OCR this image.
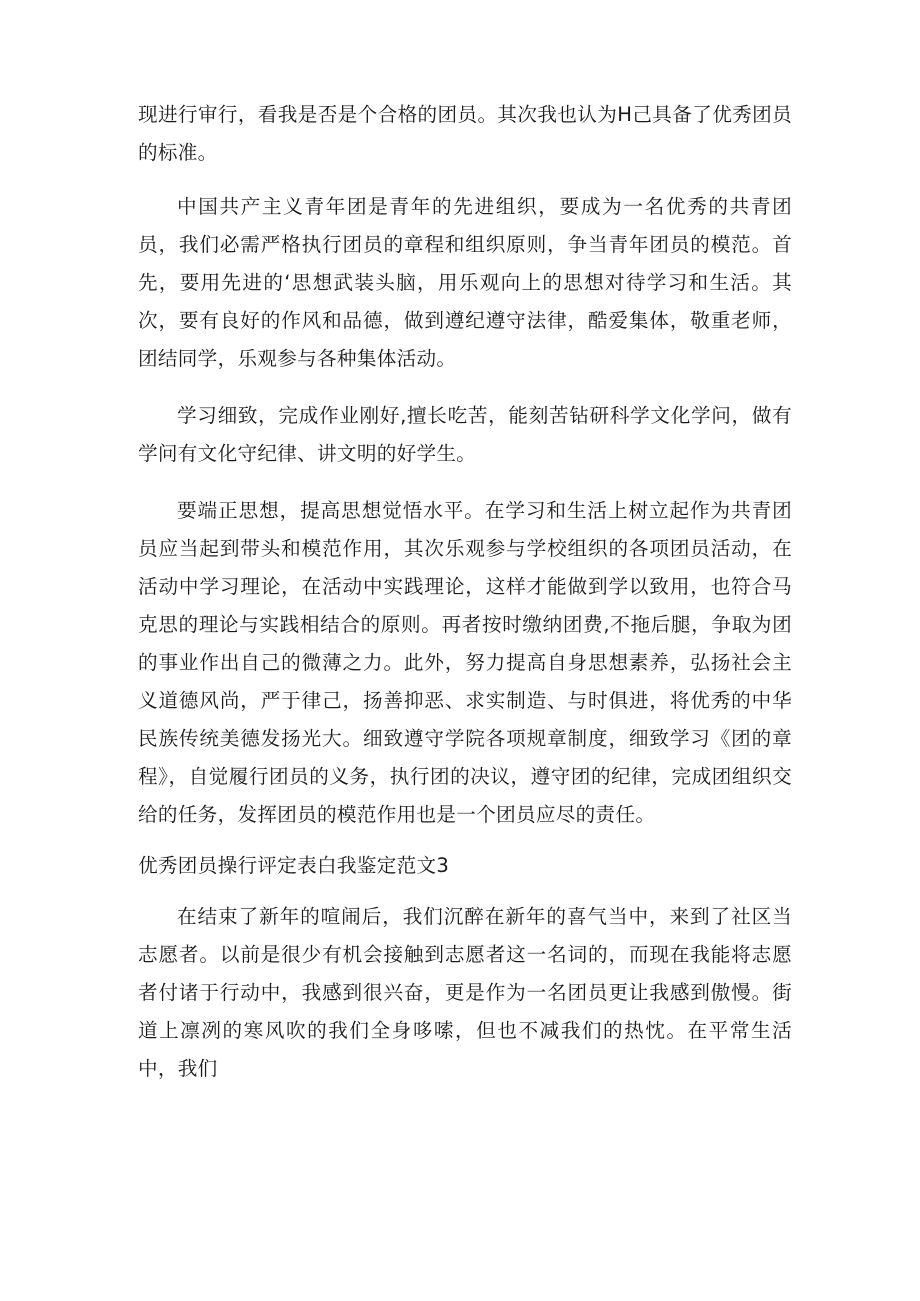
现进行审行，看我是否是个合格的团员。其次我也认为H己具备了优秀团员的标准。

中国共产主义青年团是青年的先进组织，要成为一名优秀的共青团员，我们必需严格执行团员的章程和组织原则，争当青年团员的模范。首先，要用先进的‘思想武装头脑，用乐观向上的思想对待学习和生活。其次，要有良好的作风和品德，做到遵纪遵守法律，酷爱集体，敬重老师，团结同学，乐观参与各种集体活动。

学习细致，完成作业刚好,擅长吃苦，能刻苦钻研科学文化学问，做有学问有文化守纪律、讲文明的好学生。

要端正思想，提高思想觉悟水平。在学习和生活上树立起作为共青团员应当起到带头和模范作用，其次乐观参与学校组织的各项团员活动，在活动中学习理论，在活动中实践理论，这样才能做到学以致用，也符合马克思的理论与实践相结合的原则。再者按时缴纳团费,不拖后腿，争取为团的事业作出自己的微薄之力。此外，努力提高自身思想素养，弘扬社会主义道德风尚，严于律己，扬善抑恶、求实制造、与时俱进，将优秀的中华民族传统美德发扬光大。细致遵守学院各项规章制度，细致学习《团的章程》，自觉履行团员的义务，执行团的决议，遵守团的纪律，完成团组织交给的任务，发挥团员的模范作用也是一个团员应尽的责任。

优秀团员操行评定表白我鉴定范文3

在结束了新年的喧闹后，我们沉醉在新年的喜气当中，来到了社区当志愿者。以前是很少有机会接触到志愿者这一名词的，而现在我能将志愿者付诸于行动中，我感到很兴奋，更是作为一名团员更让我感到傲慢。街道上凛冽的寒风吹的我们全身哆嗦，但也不减我们的热忱。在平常生活中，我们
